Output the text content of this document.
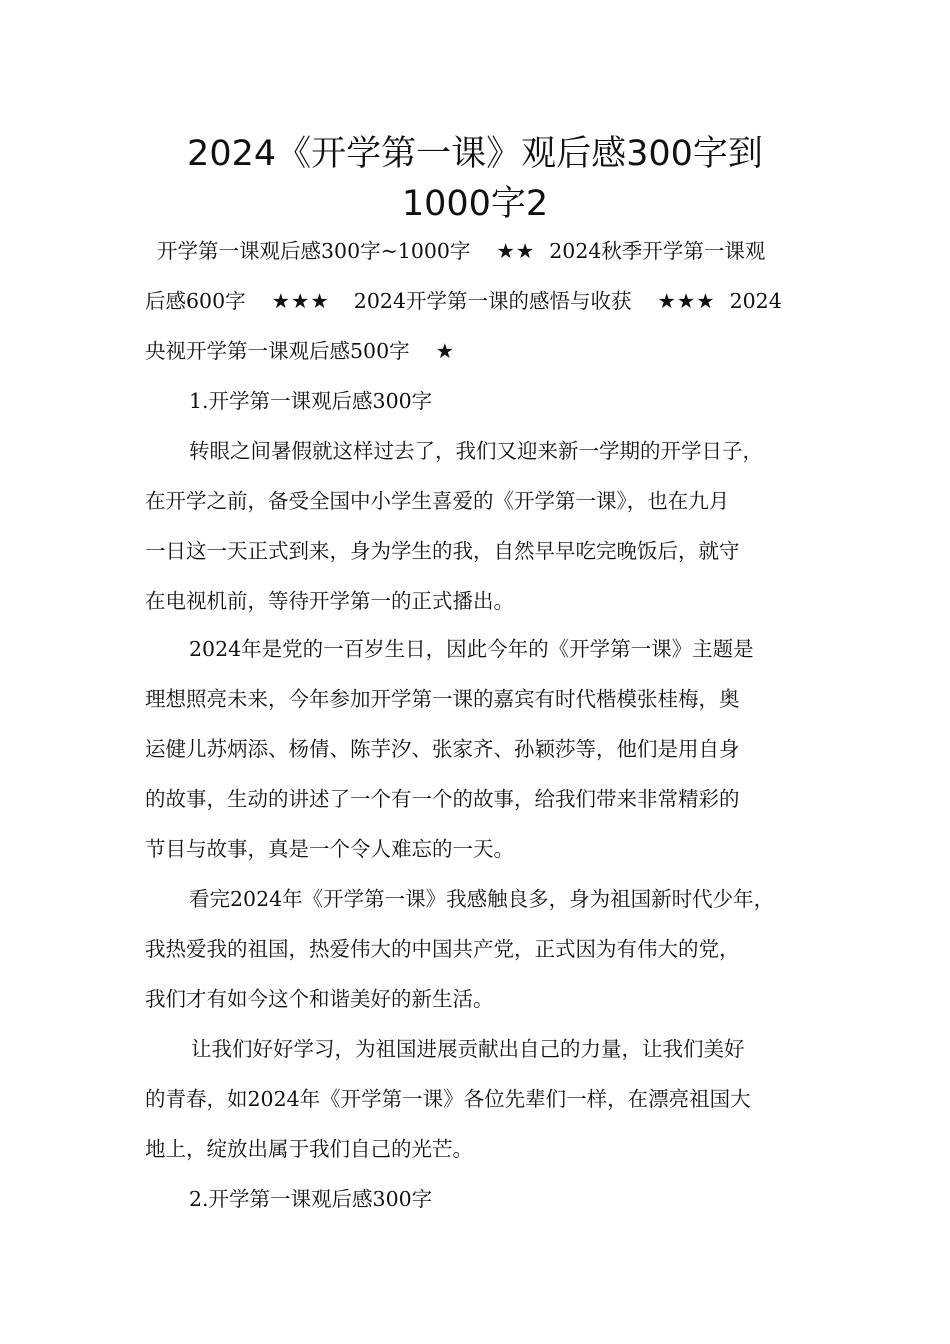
2024《开学第一课》观后感300字到
1000字2
开学第一课观后感300字~1000字 ★★ 2024秋季开学第一课观
后感600字 ★★★ 2024开学第一课的感悟与收获 ★★★ 2024
央视开学第一课观后感500字 ★
1.开学第一课观后感300字
转眼之间暑假就这样过去了，我们又迎来新一学期的开学日子，
在开学之前，备受全国中小学生喜爱的《开学第一课》，也在九月
一日这一天正式到来，身为学生的我，自然早早吃完晚饭后，就守
在电视机前，等待开学第一的正式播出。
2024年是党的一百岁生日，因此今年的《开学第一课》主题是
理想照亮未来，今年参加开学第一课的嘉宾有时代楷模张桂梅，奥
运健儿苏炳添、杨倩、陈芋汐、张家齐、孙颖莎等，他们是用自身
的故事，生动的讲述了一个有一个的故事，给我们带来非常精彩的
节目与故事，真是一个令人难忘的一天。
看完2024年《开学第一课》我感触良多，身为祖国新时代少年，
我热爱我的祖国，热爱伟大的中国共产党，正式因为有伟大的党，
我们才有如今这个和谐美好的新生活。
让我们好好学习，为祖国进展贡献出自己的力量，让我们美好
的青春，如2024年《开学第一课》各位先辈们一样，在漂亮祖国大
地上，绽放出属于我们自己的光芒。
2.开学第一课观后感300字
